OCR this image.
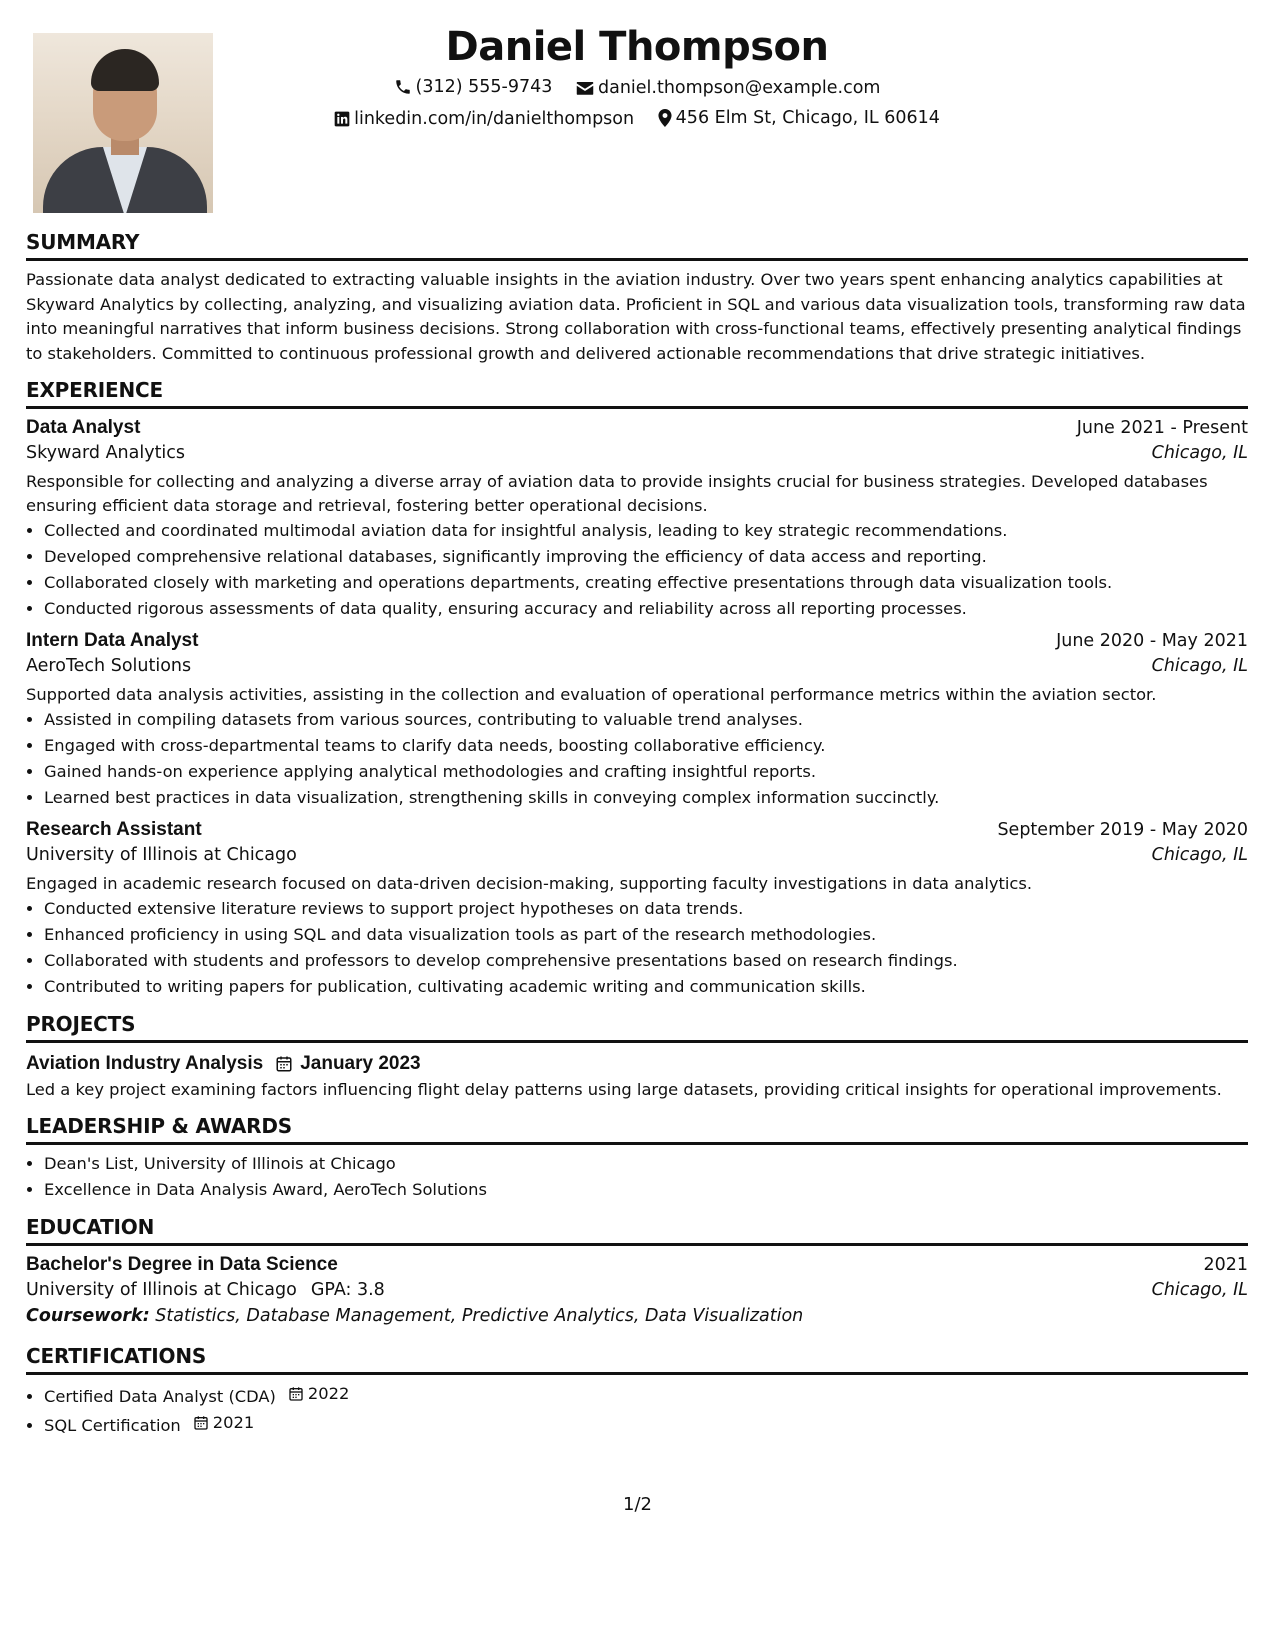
Daniel Thompson
(312) 555-9743
	daniel.thompson@example.com
linkedin.com/in/danielthompson
456 Elm St, Chicago, IL 60614
SUMMARY

Passionate data analyst dedicated to extracting valuable insights in the aviation industry. Over two years spent enhancing analytics capabilities at Skyward Analytics by collecting, analyzing, and visualizing aviation data. Proficient in SQL and various data visualization tools, transforming raw data into meaningful narratives that inform business decisions. Strong collaboration with cross-functional teams, effectively presenting analytical findings to stakeholders. Committed to continuous professional growth and delivered actionable recommendations that drive strategic initiatives.

EXPERIENCE
Data Analyst	June 2021 - Present
Skyward Analytics	Chicago, IL

Responsible for collecting and analyzing a diverse array of aviation data to provide insights crucial for business strategies. Developed databases ensuring efficient data storage and retrieval, fostering better operational decisions.

• Collected and coordinated multimodal aviation data for insightful analysis, leading to key strategic recommendations.
• Developed comprehensive relational databases, significantly improving the efficiency of data access and reporting.
• Collaborated closely with marketing and operations departments, creating effective presentations through data visualization tools.
• Conducted rigorous assessments of data quality, ensuring accuracy and reliability across all reporting processes.
Intern Data Analyst	June 2020 - May 2021
AeroTech Solutions	Chicago, IL

Supported data analysis activities, assisting in the collection and evaluation of operational performance metrics within the aviation sector.

• Assisted in compiling datasets from various sources, contributing to valuable trend analyses.
• Engaged with cross-departmental teams to clarify data needs, boosting collaborative efficiency.
• Gained hands-on experience applying analytical methodologies and crafting insightful reports.
• Learned best practices in data visualization, strengthening skills in conveying complex information succinctly.
Research Assistant	September 2019 - May 2020
University of Illinois at Chicago	Chicago, IL

Engaged in academic research focused on data-driven decision-making, supporting faculty investigations in data analytics.

• Conducted extensive literature reviews to support project hypotheses on data trends.
• Enhanced proficiency in using SQL and data visualization tools as part of the research methodologies.
• Collaborated with students and professors to develop comprehensive presentations based on research findings.
• Contributed to writing papers for publication, cultivating academic writing and communication skills.
PROJECTS
Aviation Industry Analysis January 2023

Led a key project examining factors influencing flight delay patterns using large datasets, providing critical insights for operational improvements.

LEADERSHIP & AWARDS
• Dean's List, University of Illinois at Chicago
• Excellence in Data Analysis Award, AeroTech Solutions
EDUCATION
Bachelor's Degree in Data Science	2021
University of Illinois at Chicago GPA: 3.8	Chicago, IL
Coursework: Statistics, Database Management, Predictive Analytics, Data Visualization
CERTIFICATIONS
• Certified Data Analyst (CDA) 2022
• SQL Certification 2021
1/2
